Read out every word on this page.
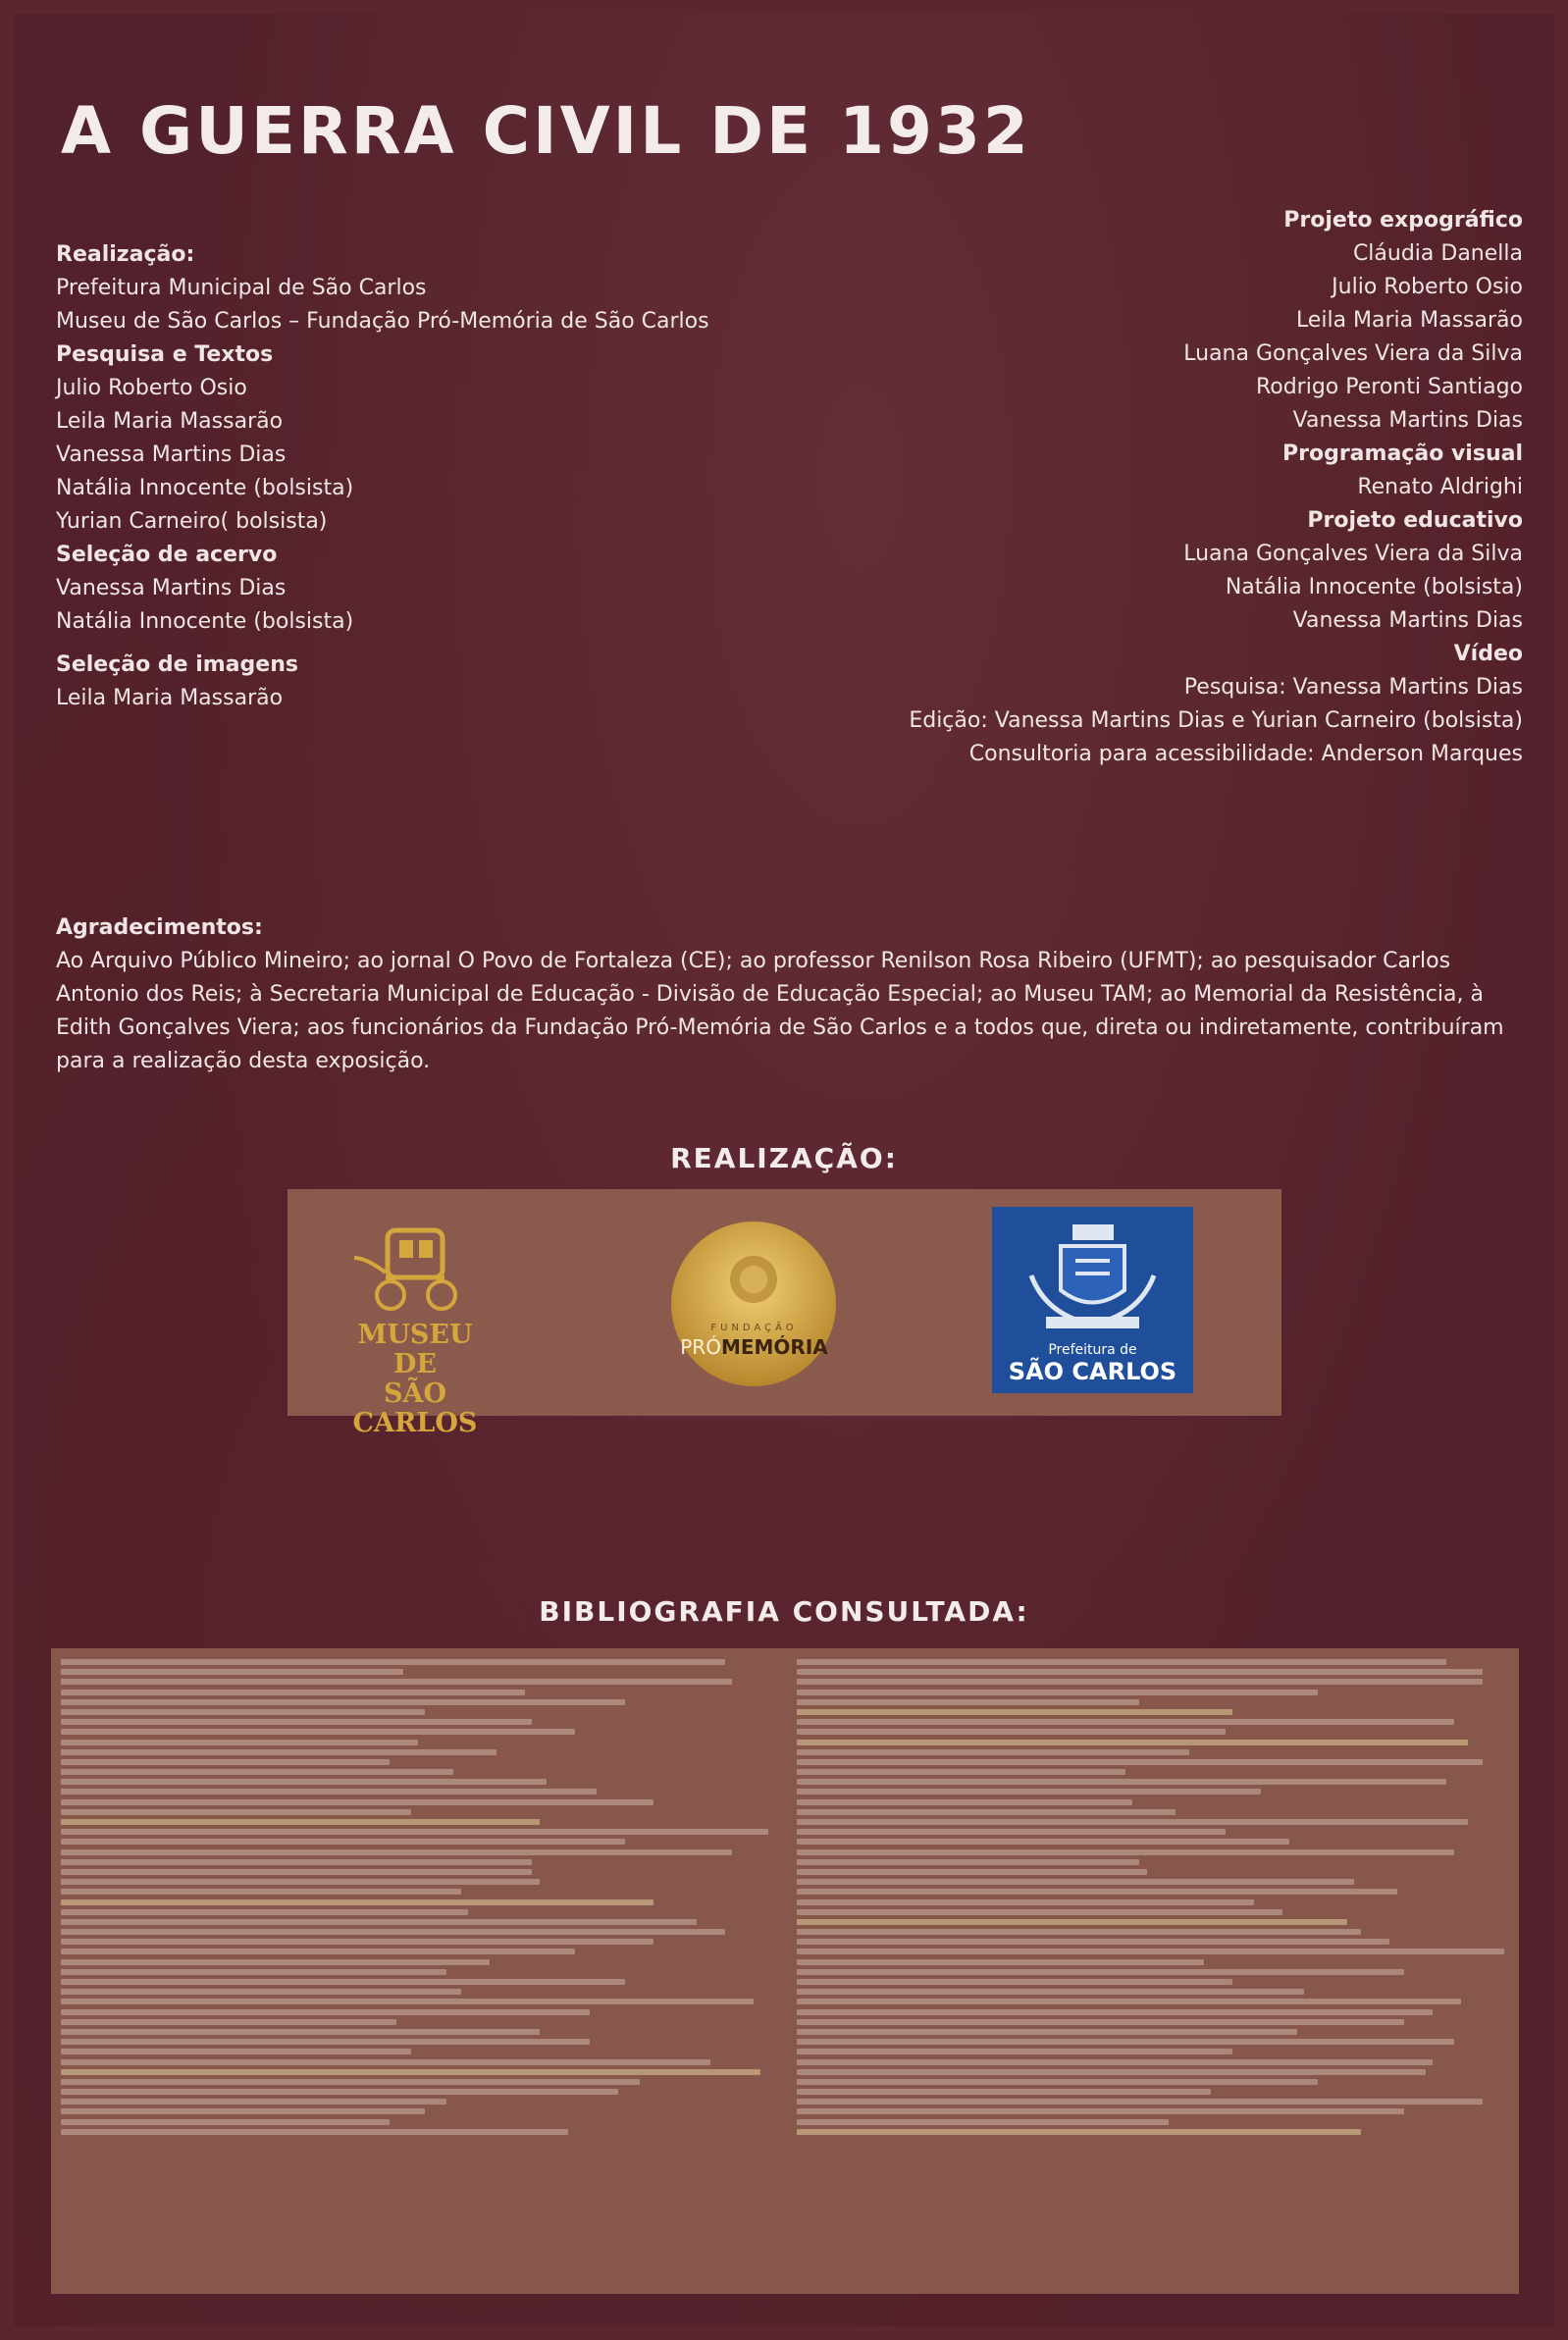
A GUERRA CIVIL DE 1932
Realização:
Prefeitura Municipal de São Carlos
Museu de São Carlos – Fundação Pró-Memória de São Carlos
Pesquisa e Textos
Julio Roberto Osio
Leila Maria Massarão
Vanessa Martins Dias
Natália Innocente (bolsista)
Yurian Carneiro( bolsista)
Seleção de acervo
Vanessa Martins Dias
Natália Innocente (bolsista)
Seleção de imagens
Leila Maria Massarão
Projeto expográfico
Cláudia Danella
Julio Roberto Osio
Leila Maria Massarão
Luana Gonçalves Viera da Silva
Rodrigo Peronti Santiago
Vanessa Martins Dias
Programação visual
Renato Aldrighi
Projeto educativo
Luana Gonçalves Viera da Silva
Natália Innocente (bolsista)
Vanessa Martins Dias
Vídeo
Pesquisa: Vanessa Martins Dias
Edição: Vanessa Martins Dias e Yurian Carneiro (bolsista)
Consultoria para acessibilidade: Anderson Marques
Agradecimentos:
Ao Arquivo Público Mineiro; ao jornal O Povo de Fortaleza (CE); ao professor Renilson Rosa Ribeiro (UFMT); ao pesquisador Carlos Antonio dos Reis; à Secretaria Municipal de Educação - Divisão de Educação Especial; ao Museu TAM; ao Memorial da Resistência, à Edith Gonçalves Viera; aos funcionários da Fundação Pró-Memória de São Carlos e a todos que, direta ou indiretamente, contribuíram para a realização desta exposição.
REALIZAÇÃO:
MUSEU DE
SÃO CARLOS
FUNDAÇÃO
PRÓMEMÓRIA	Prefeitura de
SÃO CARLOS
BIBLIOGRAFIA CONSULTADA:
